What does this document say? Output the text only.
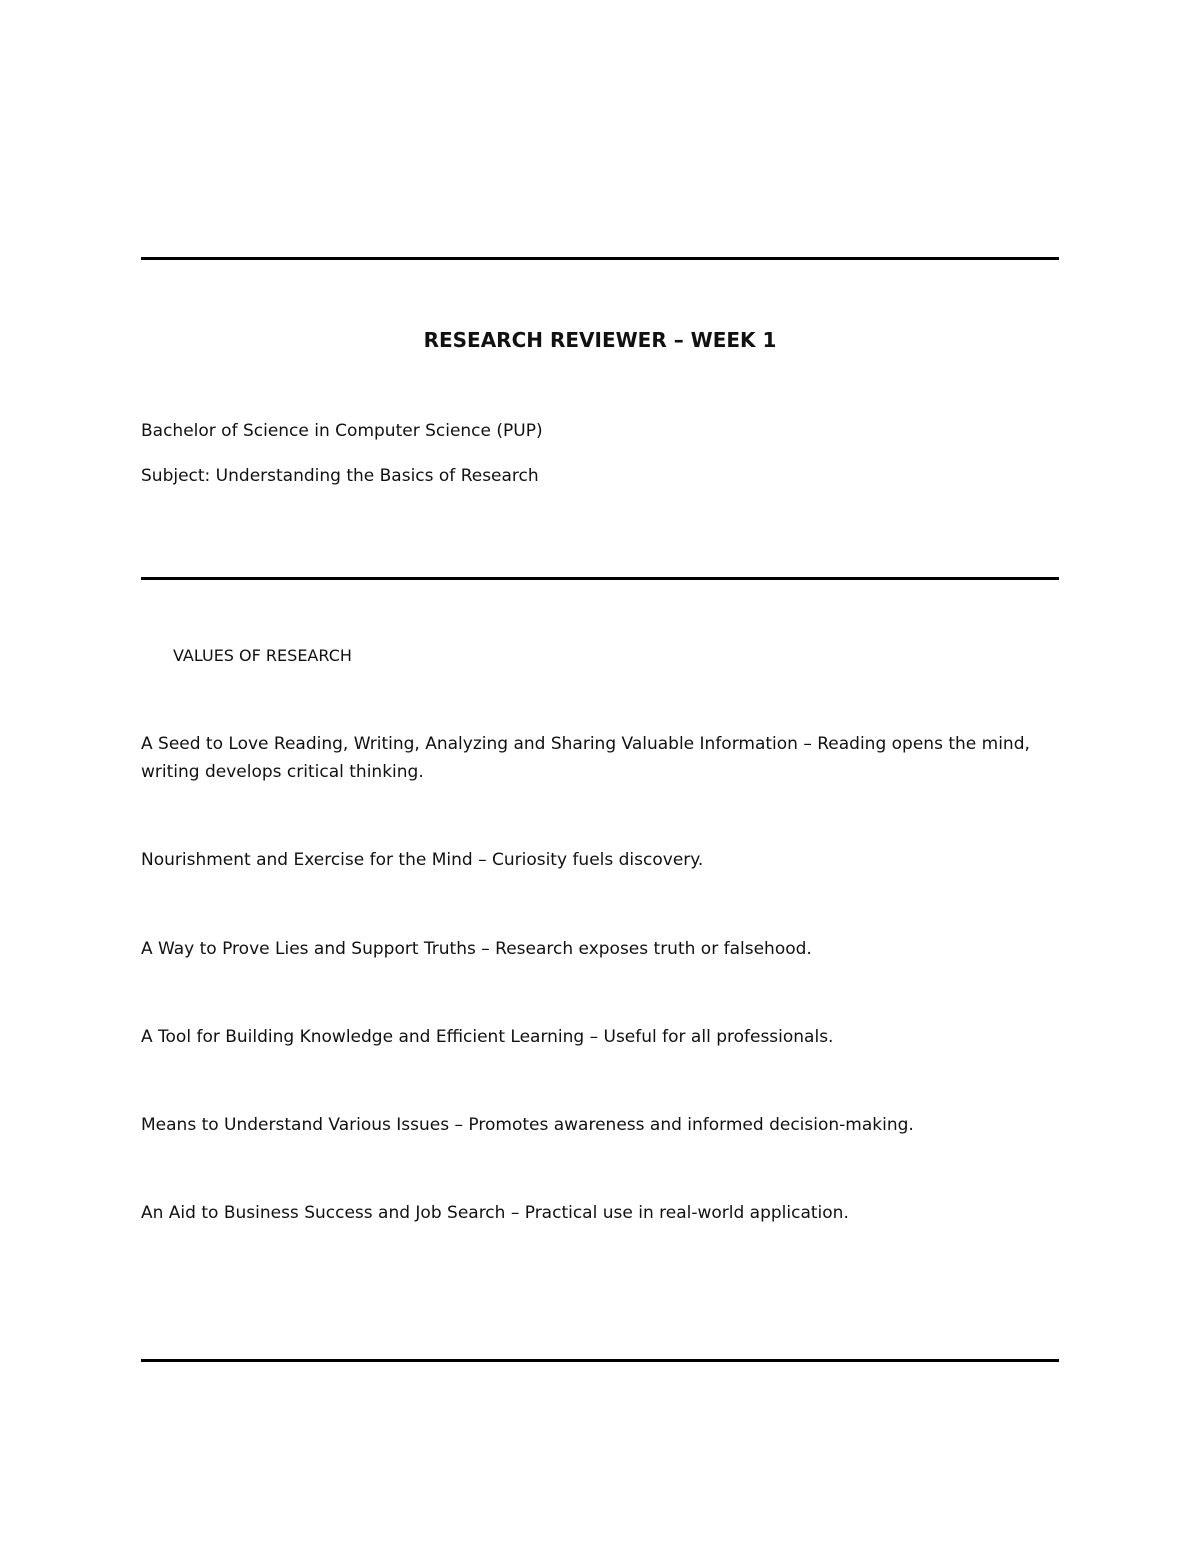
RESEARCH REVIEWER – WEEK 1
Bachelor of Science in Computer Science (PUP)
Subject: Understanding the Basics of Research
VALUES OF RESEARCH
A Seed to Love Reading, Writing, Analyzing and Sharing Valuable Information – Reading opens the mind,
writing develops critical thinking.
Nourishment and Exercise for the Mind – Curiosity fuels discovery.
A Way to Prove Lies and Support Truths – Research exposes truth or falsehood.
A Tool for Building Knowledge and Efficient Learning – Useful for all professionals.
Means to Understand Various Issues – Promotes awareness and informed decision-making.
An Aid to Business Success and Job Search – Practical use in real-world application.
